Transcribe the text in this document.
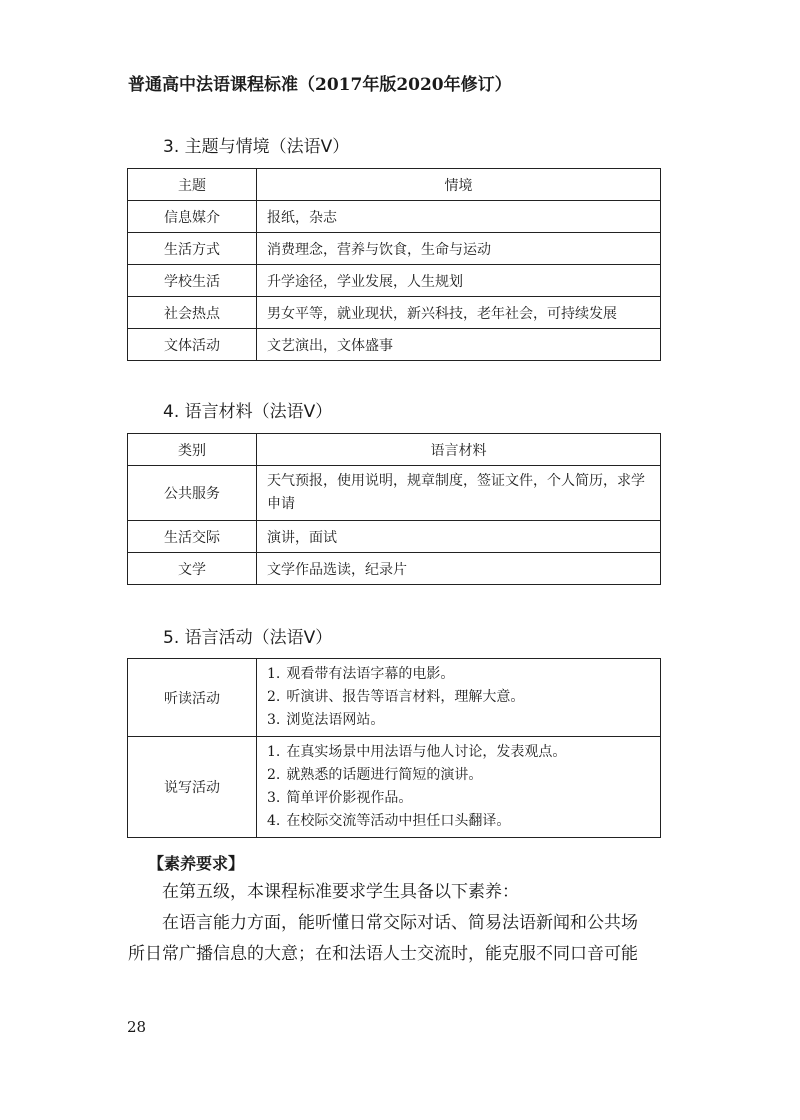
普通高中法语课程标准（2017年版2020年修订）
3. 主题与情境（法语Ⅴ）
主题	情境
信息媒介	报纸，杂志
生活方式	消费理念，营养与饮食，生命与运动
学校生活	升学途径，学业发展，人生规划
社会热点	男女平等，就业现状，新兴科技，老年社会，可持续发展
文体活动	文艺演出，文体盛事
4. 语言材料（法语Ⅴ）
类别	语言材料
公共服务	天气预报，使用说明，规章制度，签证文件，个人简历，求学申请
生活交际	演讲，面试
文学	文学作品选读，纪录片
5. 语言活动（法语Ⅴ）
听读活动	1. 观看带有法语字幕的电影。
2. 听演讲、报告等语言材料，理解大意。
3. 浏览法语网站。

说写活动	1. 在真实场景中用法语与他人讨论，发表观点。
2. 就熟悉的话题进行简短的演讲。
3. 简单评价影视作品。
4. 在校际交流等活动中担任口头翻译。
【素养要求】
在第五级，本课程标准要求学生具备以下素养：
在语言能力方面，能听懂日常交际对话、简易法语新闻和公共场
所日常广播信息的大意；在和法语人士交流时，能克服不同口音可能
28
